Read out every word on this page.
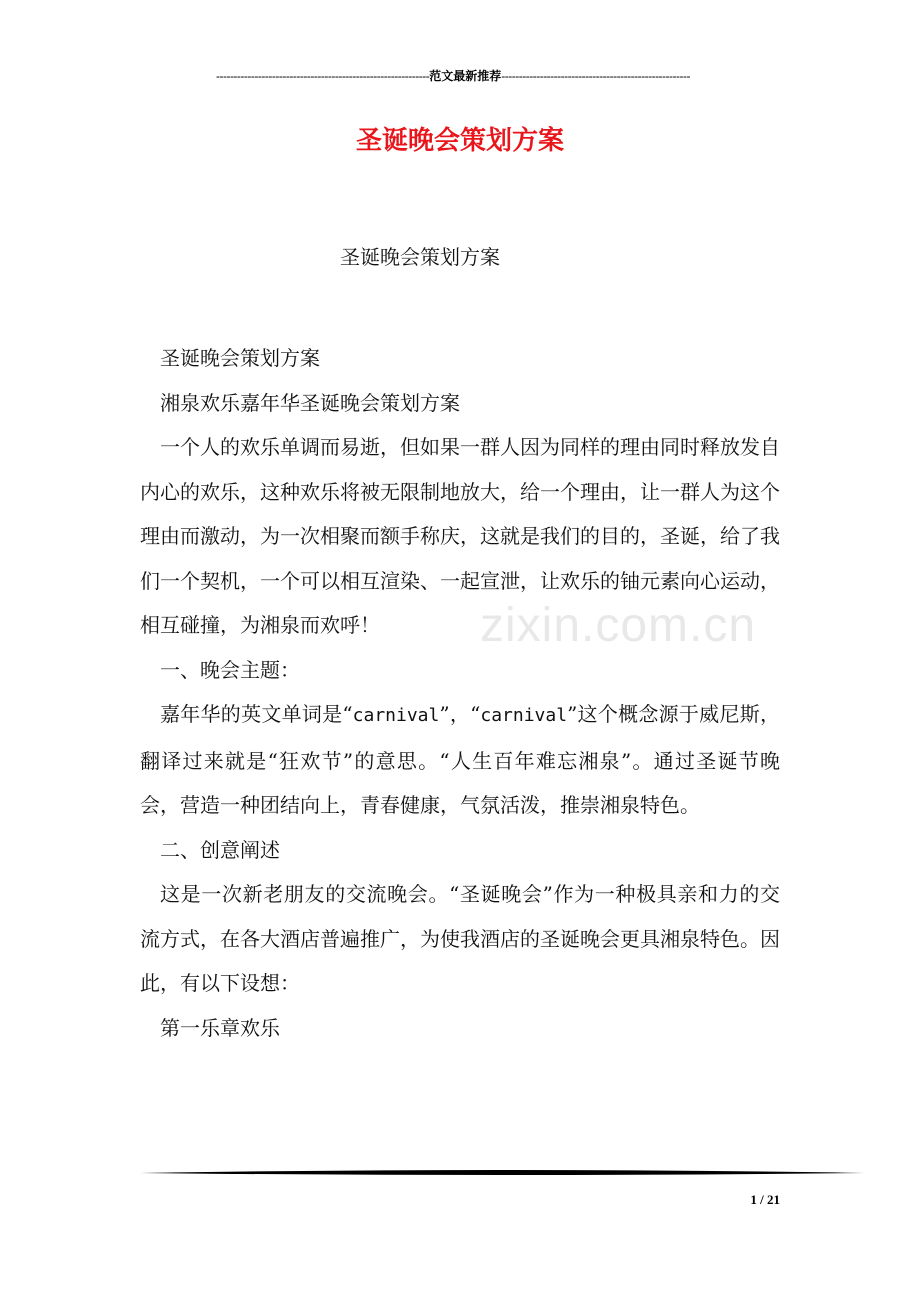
-------------------------------------------------------------范文最新推荐------------------------------------------------------
圣诞晚会策划方案
圣诞晚会策划方案

圣诞晚会策划方案

湘泉欢乐嘉年华圣诞晚会策划方案

一个人的欢乐单调而易逝，但如果一群人因为同样的理由同时释放发自内心的欢乐，这种欢乐将被无限制地放大，给一个理由，让一群人为这个理由而激动，为一次相聚而额手称庆，这就是我们的目的，圣诞，给了我们一个契机，一个可以相互渲染、一起宣泄，让欢乐的铀元素向心运动，相互碰撞，为湘泉而欢呼！

一、晚会主题：

嘉年华的英文单词是“carnival”，“carnival”这个概念源于威尼斯，翻译过来就是“狂欢节”的意思。“人生百年难忘湘泉”。通过圣诞节晚会，营造一种团结向上，青春健康，气氛活泼，推崇湘泉特色。

二、创意阐述

这是一次新老朋友的交流晚会。“圣诞晚会”作为一种极具亲和力的交流方式，在各大酒店普遍推广，为使我酒店的圣诞晚会更具湘泉特色。因此，有以下设想：

第一乐章欢乐

zixin.com.cn
1 / 21
